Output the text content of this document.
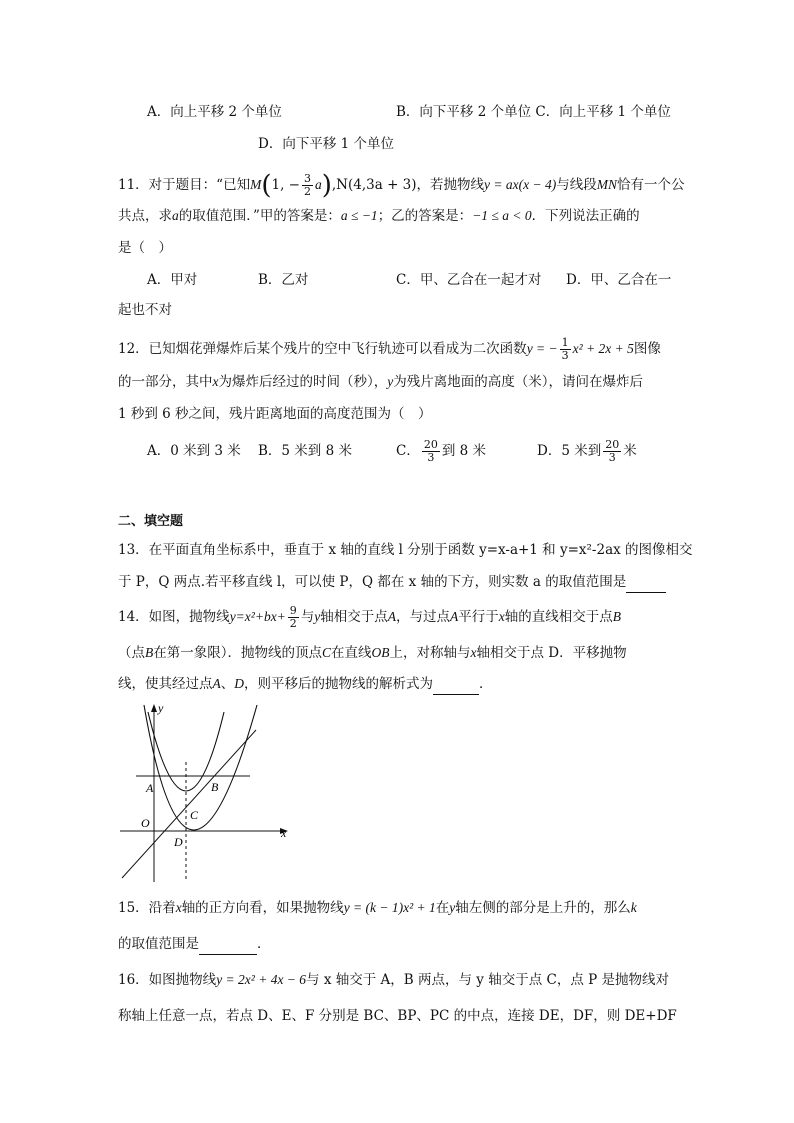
A．向上平移 2 个单位	B．向下平移 2 个单位 C．向上平移 1 个单位
D．向下平移 1 个单位
11．对于题目：“已知M(1, − $\frac{3}{2} a),N(4,3a + 3)$，若抛物线y = ax(x − 4)与线段MN恰有一个公
共点，求a的取值范围．”甲的答案是：a ≤ −1；乙的答案是：−1 ≤ a < 0．下列说法正确的
是（　）
A．甲对	B．乙对	C．甲、乙合在一起才对 D．甲、乙合在一
起也不对
12．已知烟花弹爆炸后某个残片的空中飞行轨迹可以看成为二次函数y = − $\frac{1}{3} x^2 + 2x + 5$图像
的一部分，其中x为爆炸后经过的时间（秒），y为残片离地面的高度（米），请问在爆炸后
1 秒到 6 秒之间，残片距离地面的高度范围为（　）
A．0 米到 3 米 B．5 米到 8 米	C． $\frac{20}{3}$ 到 8 米	D．5 米到 $\frac{20}{3}$ 米
二、填空题
13．在平面直角坐标系中，垂直于 x 轴的直线 l 分别于函数 y=x-a+1 和 y=x²-2ax 的图像相交
于 P，Q 两点.若平移直线 l，可以使 P，Q 都在 x 轴的下方，则实数 a 的取值范围是
14．如图，抛物线$y=x^2+bx+ \frac{9}{2}$ 与y轴相交于点A，与过点A平行于x轴的直线相交于点B
（点B在第一象限）．抛物线的顶点C在直线OB上，对称轴与x轴相交于点 D．平移抛物
线，使其经过点A、D，则平移后的抛物线的解析式为	．
y
x
A	B
C
O
D
15．沿着x轴的正方向看，如果抛物线y = (k − 1)x² + 1在y轴左侧的部分是上升的，那么k
的取值范围是	．
16．如图抛物线y = 2x² + 4x − 6与 x 轴交于 A，B 两点，与 y 轴交于点 C，点 P 是抛物线对
称轴上任意一点，若点 D、E、F 分别是 BC、BP、PC 的中点，连接 DE，DF，则 DE+DF
